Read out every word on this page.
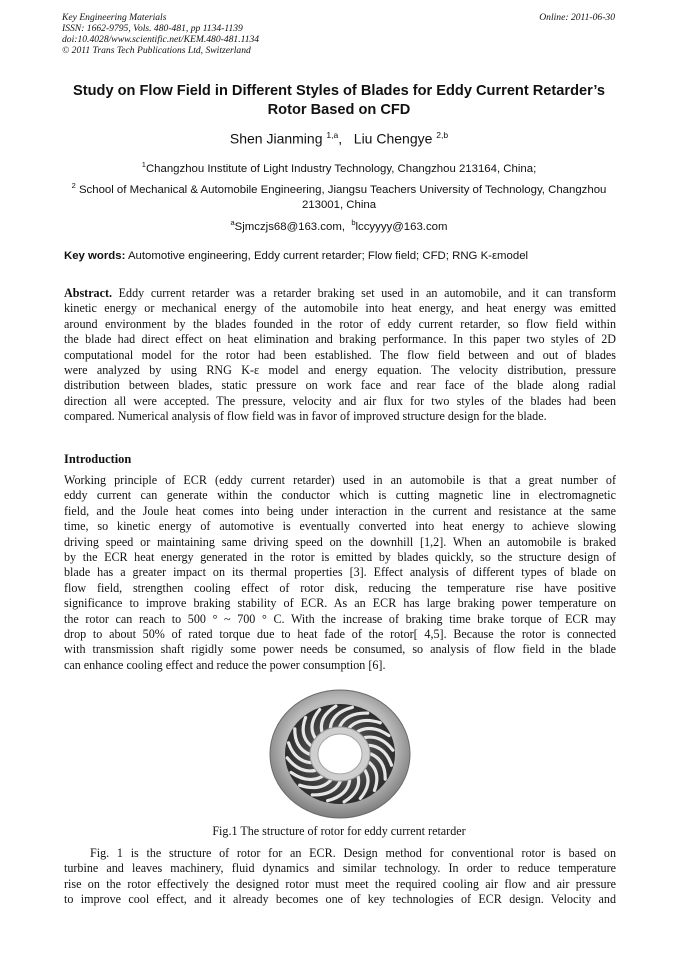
Key Engineering Materials
ISSN: 1662-9795, Vols. 480-481, pp 1134-1139
doi:10.4028/www.scientific.net/KEM.480-481.1134
© 2011 Trans Tech Publications Ltd, Switzerland
Online: 2011-06-30
Study on Flow Field in Different Styles of Blades for Eddy Current Retarder’s Rotor Based on CFD
Shen Jianming $^{1,a}$,   Liu Chengye $^{2,b}$
$^1$Changzhou Institute of Light Industry Technology, Changzhou 213164, China;
$^2$ School of Mechanical & Automobile Engineering, Jiangsu Teachers University of Technology, Changzhou 213001, China
$^a$Sjmczjs68@163.com, $^b$lccyyyy@163.com
Key words: Automotive engineering, Eddy current retarder; Flow field; CFD; RNG K-εmodel
Abstract. Eddy current retarder was a retarder braking set used in an automobile, and it can transform
kinetic energy or mechanical energy of the automobile into heat energy, and heat energy was emitted
around environment by the blades founded in the rotor of eddy current retarder, so flow field within
the blade had direct effect on heat elimination and braking performance. In this paper two styles of 2D
computational model for the rotor had been established. The flow field between and out of blades
were analyzed by using RNG K-ε model and energy equation. The velocity distribution, pressure
distribution between blades, static pressure on work face and rear face of the blade along radial
direction all were accepted. The pressure, velocity and air flux for two styles of the blades had been
compared. Numerical analysis of flow field was in favor of improved structure design for the blade.
Introduction
Working principle of ECR (eddy current retarder) used in an automobile is that a great number of
eddy current can generate within the conductor which is cutting magnetic line in electromagnetic
field, and the Joule heat comes into being under interaction in the current and resistance at the same
time, so kinetic energy of automotive is eventually converted into heat energy to achieve slowing
driving speed or maintaining same driving speed on the downhill [1,2]. When an automobile is braked
by the ECR heat energy generated in the rotor is emitted by blades quickly, so the structure design of
blade has a greater impact on its thermal properties [3]. Effect analysis of different types of blade on
flow field, strengthen cooling effect of rotor disk, reducing the temperature rise have positive
significance to improve braking stability of ECR. As an ECR has large braking power temperature on
the rotor can reach to 500 ° ~ 700 ° C. With the increase of braking time brake torque of ECR may
drop to about 50% of rated torque due to heat fade of the rotor[ 4,5]. Because the rotor is connected
with transmission shaft rigidly some power needs be consumed, so analysis of flow field in the blade
can enhance cooling effect and reduce the power consumption [6].
Fig.1 The structure of rotor for eddy current retarder
Fig. 1 is the structure of rotor for an ECR. Design method for conventional rotor is based on
turbine and leaves machinery, fluid dynamics and similar technology. In order to reduce temperature
rise on the rotor effectively the designed rotor must meet the required cooling air flow and air pressure
to improve cool effect, and it already becomes one of key technologies of ECR design. Velocity and
